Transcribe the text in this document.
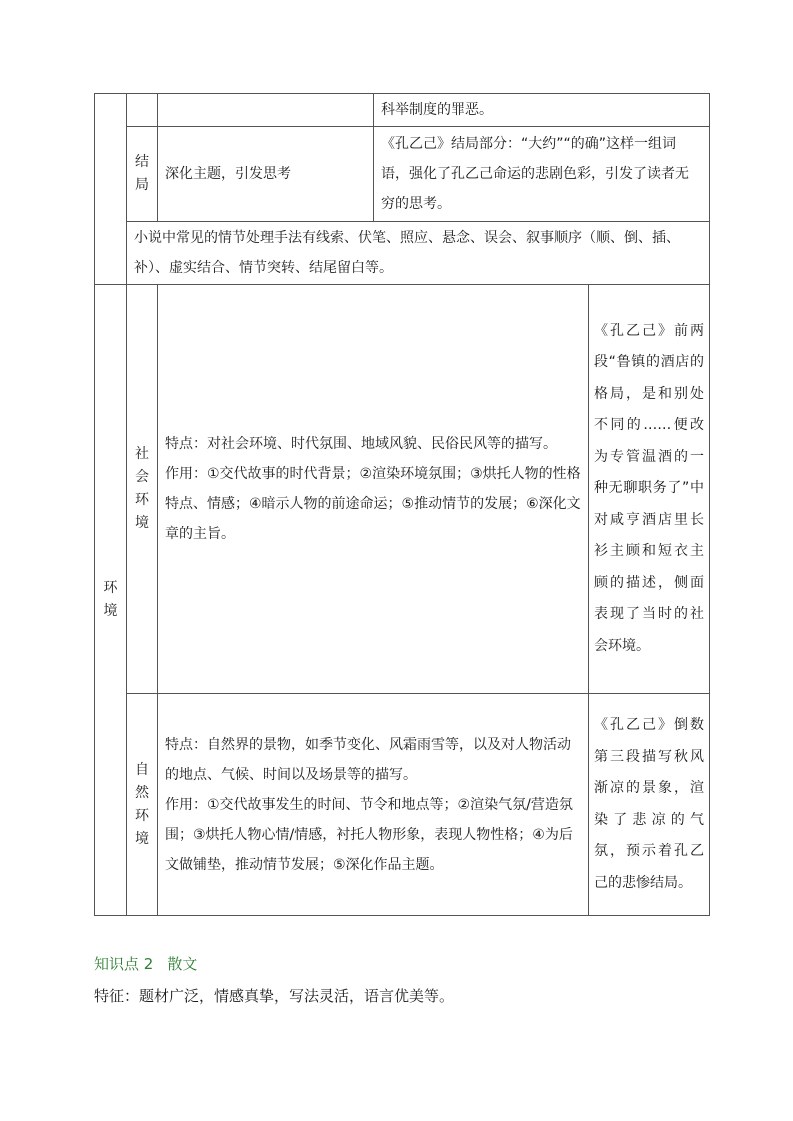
			科举制度的罪恶。	

	结局	深化主题，引发思考	《孔乙己》结局部分：“大约”“的确”这样一组词语，强化了孔乙己命运的悲剧色彩，引发了读者无穷的思考。	
	小说中常见的情节处理手法有线索、伏笔、照应、悬念、误会、叙事顺序（顺、倒、插、补）、虚实结合、情节突转、结尾留白等。			

环境	社会环境	特点：对社会环境、时代氛围、地域风貌、民俗民风等的描写。
作用：①交代故事的时代背景；②渲染环境氛围；③烘托人物的性格特点、情感；④暗示人物的前途命运；⑤推动情节的发展；⑥深化文章的主旨。		《孔乙己》前两段“鲁镇的酒店的格局，是和别处不同的……便改为专管温酒的一种无聊职务了”中对咸亨酒店里长衫主顾和短衣主顾的描述，侧面表现了当时的社会环境。

	自然环境	特点：自然界的景物，如季节变化、风霜雨雪等，以及对人物活动的地点、气候、时间以及场景等的描写。
作用：①交代故事发生的时间、节令和地点等；②渲染气氛/营造氛围；③烘托人物心情/情感，衬托人物形象，表现人物性格；④为后文做铺垫，推动情节发展；⑤深化作品主题。		《孔乙己》倒数第三段描写秋风渐凉的景象，渲染了悲凉的气氛，预示着孔乙己的悲惨结局。
知识点 2 散文
特征：题材广泛，情感真挚，写法灵活，语言优美等。
